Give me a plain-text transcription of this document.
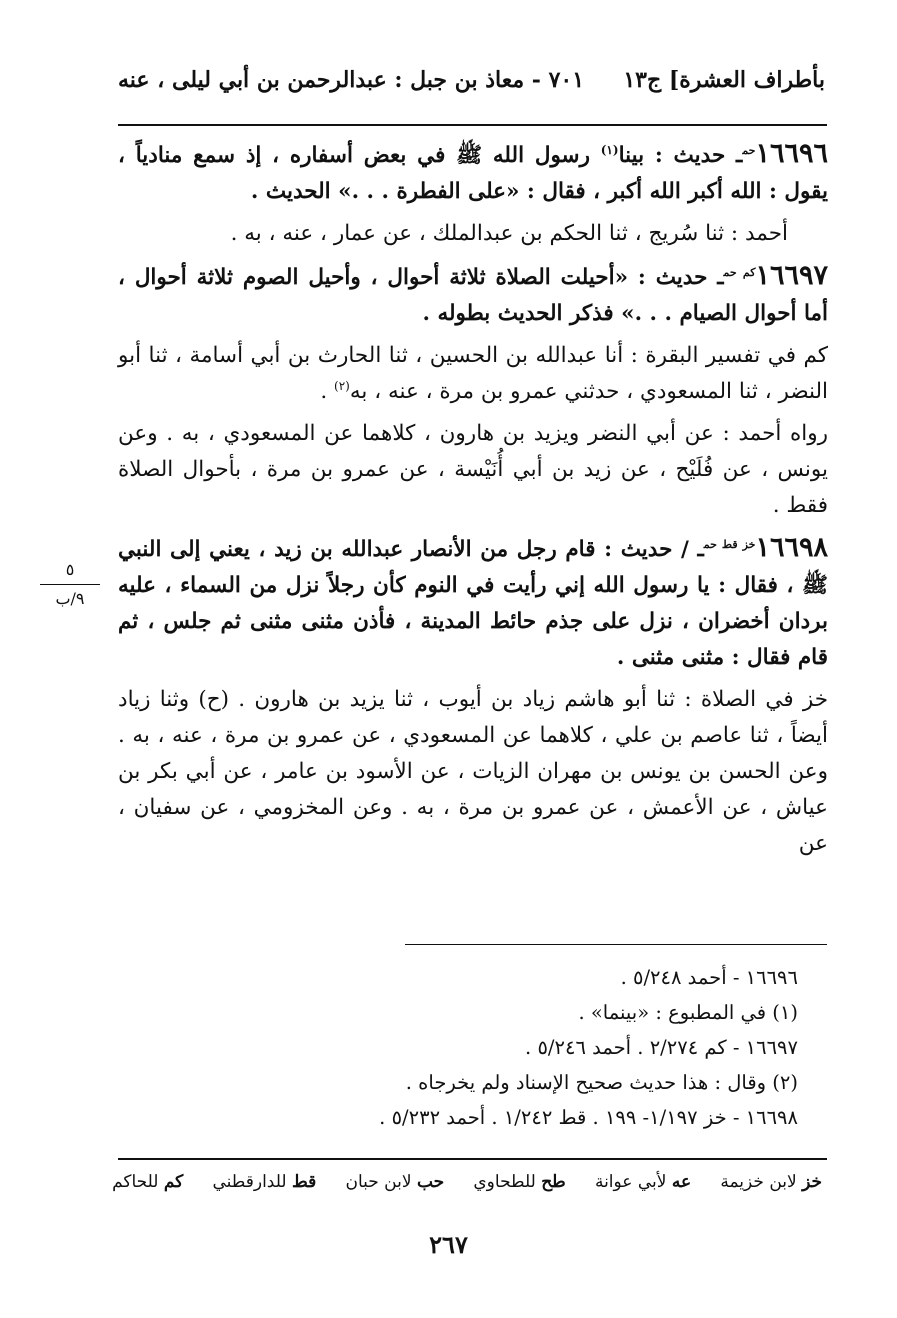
بأطراف العشرة] ج١٣
٧٠١ - معاذ بن جبل : عبدالرحمن بن أبي ليلى ، عنه

$١٦٦٩٦^{حم}ـ$ حديث : بينا$^{(١)}$ رسول الله ﷺ في بعض أسفاره ، إذ سمع منادياً ، يقول : الله أكبر الله أكبر ، فقال : «على الفطرة . . .» الحديث .

أحمد : ثنا سُريج ، ثنا الحكم بن عبدالملك ، عن عمار ، عنه ، به .

$١٦٦٩٧^{كم حم}ـ$ حديث : «أحيلت الصلاة ثلاثة أحوال ، وأحيل الصوم ثلاثة أحوال ، أما أحوال الصيام . . .» فذكر الحديث بطوله .

كم في تفسير البقرة : أنا عبدالله بن الحسين ، ثنا الحارث بن أبي أسامة ، ثنا أبو النضر ، ثنا المسعودي ، حدثني عمرو بن مرة ، عنه ، به$^{(٢)}$ .

رواه أحمد : عن أبي النضر ويزيد بن هارون ، كلاهما عن المسعودي ، به . وعن يونس ، عن فُلَيْح ، عن زيد بن أبي أُنَيْسة ، عن عمرو بن مرة ، بأحوال الصلاة فقط .

$١٦٦٩٨^{خز قط حم}ـ$ / حديث : قام رجل من الأنصار عبدالله بن زيد ، يعني إلى النبي ﷺ ، فقال : يا رسول الله إني رأيت في النوم كأن رجلاً نزل من السماء ، عليه بردان أخضران ، نزل على جذم حائط المدينة ، فأذن مثنى مثنى ثم جلس ، ثم قام فقال : مثنى مثنى .

خز في الصلاة : ثنا أبو هاشم زياد بن أيوب ، ثنا يزيد بن هارون . (ح) وثنا زياد أيضاً ، ثنا عاصم بن علي ، كلاهما عن المسعودي ، عن عمرو بن مرة ، عنه ، به . وعن الحسن بن يونس بن مهران الزيات ، عن الأسود بن عامر ، عن أبي بكر بن عياش ، عن الأعمش ، عن عمرو بن مرة ، به . وعن المخزومي ، عن سفيان ، عن

٥
٩/ب

١٦٦٩٦ - أحمد ٥/٢٤٨ .

(١) في المطبوع : «بينما» .

١٦٦٩٧ - كم ٢/٢٧٤ . أحمد ٥/٢٤٦ .

(٢) وقال : هذا حديث صحيح الإسناد ولم يخرجاه .

١٦٦٩٨ - خز ١/١٩٧- ١٩٩ . قط ١/٢٤٢ . أحمد ٥/٢٣٢ .

خز لابن خزيمة
عه لأبي عوانة
طح للطحاوي
حب لابن حبان
قط للدارقطني
كم للحاكم
٢٦٧
